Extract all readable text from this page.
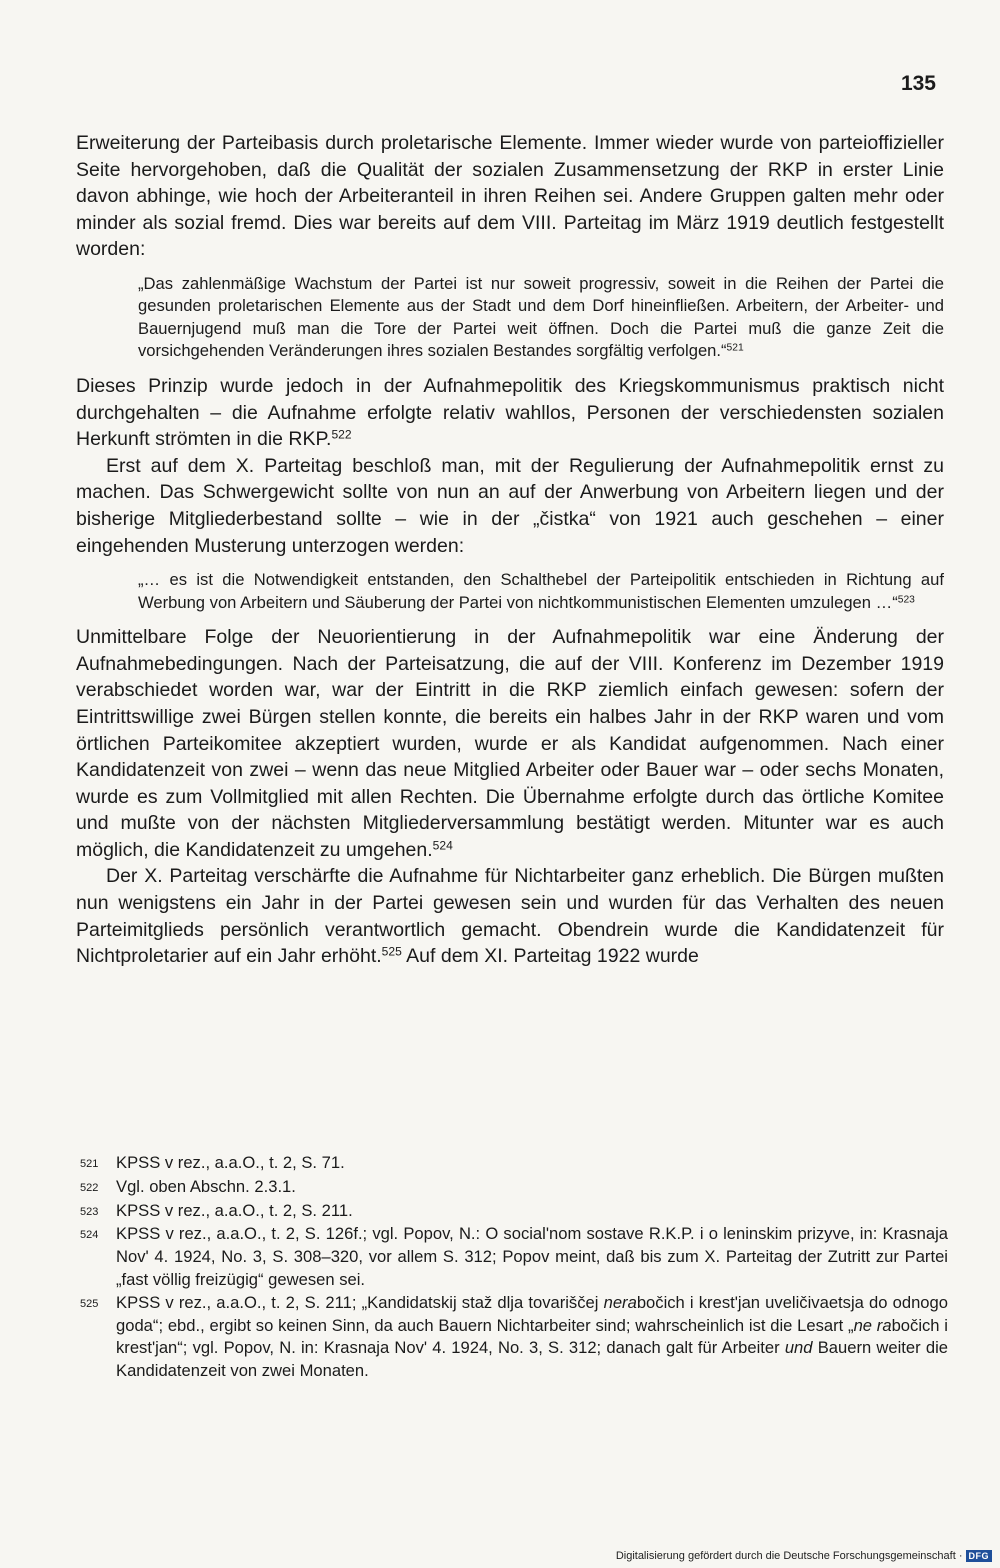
135

Erweiterung der Parteibasis durch proletarische Elemente. Immer wieder wurde von parteioffizieller Seite hervorgehoben, daß die Qualität der sozialen Zusammensetzung der RKP in erster Linie davon abhinge, wie hoch der Arbeiteranteil in ihren Reihen sei. Andere Gruppen galten mehr oder minder als sozial fremd. Dies war bereits auf dem VIII. Parteitag im März 1919 deutlich festgestellt worden:

„Das zahlenmäßige Wachstum der Partei ist nur soweit progressiv, soweit in die Reihen der Partei die gesunden proletarischen Elemente aus der Stadt und dem Dorf hineinfließen. Arbeitern, der Arbeiter- und Bauernjugend muß man die Tore der Partei weit öffnen. Doch die Partei muß die ganze Zeit die vorsichgehenden Veränderungen ihres sozialen Bestandes sorgfältig verfolgen.“$^{521}$

Dieses Prinzip wurde jedoch in der Aufnahmepolitik des Kriegskommunismus praktisch nicht durchgehalten – die Aufnahme erfolgte relativ wahllos, Personen der verschiedensten sozialen Herkunft strömten in die RKP.$^{522}$

Erst auf dem X. Parteitag beschloß man, mit der Regulierung der Aufnahmepolitik ernst zu machen. Das Schwergewicht sollte von nun an auf der Anwerbung von Arbeitern liegen und der bisherige Mitgliederbestand sollte – wie in der „čistka“ von 1921 auch geschehen – einer eingehenden Musterung unterzogen werden:

„… es ist die Notwendigkeit entstanden, den Schalthebel der Parteipolitik entschieden in Richtung auf Werbung von Arbeitern und Säuberung der Partei von nichtkommunistischen Elementen umzulegen …“$^{523}$

Unmittelbare Folge der Neuorientierung in der Aufnahmepolitik war eine Änderung der Aufnahmebedingungen. Nach der Parteisatzung, die auf der VIII. Konferenz im Dezember 1919 verabschiedet worden war, war der Eintritt in die RKP ziemlich einfach gewesen: sofern der Eintrittswillige zwei Bürgen stellen konnte, die bereits ein halbes Jahr in der RKP waren und vom örtlichen Parteikomitee akzeptiert wurden, wurde er als Kandidat aufgenommen. Nach einer Kandidatenzeit von zwei – wenn das neue Mitglied Arbeiter oder Bauer war – oder sechs Monaten, wurde es zum Vollmitglied mit allen Rechten. Die Übernahme erfolgte durch das örtliche Komitee und mußte von der nächsten Mitgliederversammlung bestätigt werden. Mitunter war es auch möglich, die Kandidatenzeit zu umgehen.$^{524}$

Der X. Parteitag verschärfte die Aufnahme für Nichtarbeiter ganz erheblich. Die Bürgen mußten nun wenigstens ein Jahr in der Partei gewesen sein und wurden für das Verhalten des neuen Parteimitglieds persönlich verantwortlich gemacht. Obendrein wurde die Kandidatenzeit für Nichtproletarier auf ein Jahr erhöht.$^{525}$ Auf dem XI. Parteitag 1922 wurde

521	KPSS v rez., a.a.O., t. 2, S. 71.
522	Vgl. oben Abschn. 2.3.1.
523	KPSS v rez., a.a.O., t. 2, S. 211.
524	KPSS v rez., a.a.O., t. 2, S. 126f.; vgl. Popov, N.: O social'nom sostave R.K.P. i o leninskim prizyve, in: Krasnaja Nov' 4. 1924, No. 3, S. 308–320, vor allem S. 312; Popov meint, daß bis zum X. Parteitag der Zutritt zur Partei „fast völlig freizügig“ gewesen sei.
525	KPSS v rez., a.a.O., t. 2, S. 211; „Kandidatskij staž dlja tovariščej nerabočich i krest'jan uveličivaetsja do odnogo goda“; ebd., ergibt so keinen Sinn, da auch Bauern Nichtarbeiter sind; wahrscheinlich ist die Lesart „ne rabočich i krest'jan“; vgl. Popov, N. in: Krasnaja Nov' 4. 1924, No. 3, S. 312; danach galt für Arbeiter und Bauern weiter die Kandidatenzeit von zwei Monaten.
Digitalisierung gefördert durch die Deutsche Forschungsgemeinschaft · DFG
